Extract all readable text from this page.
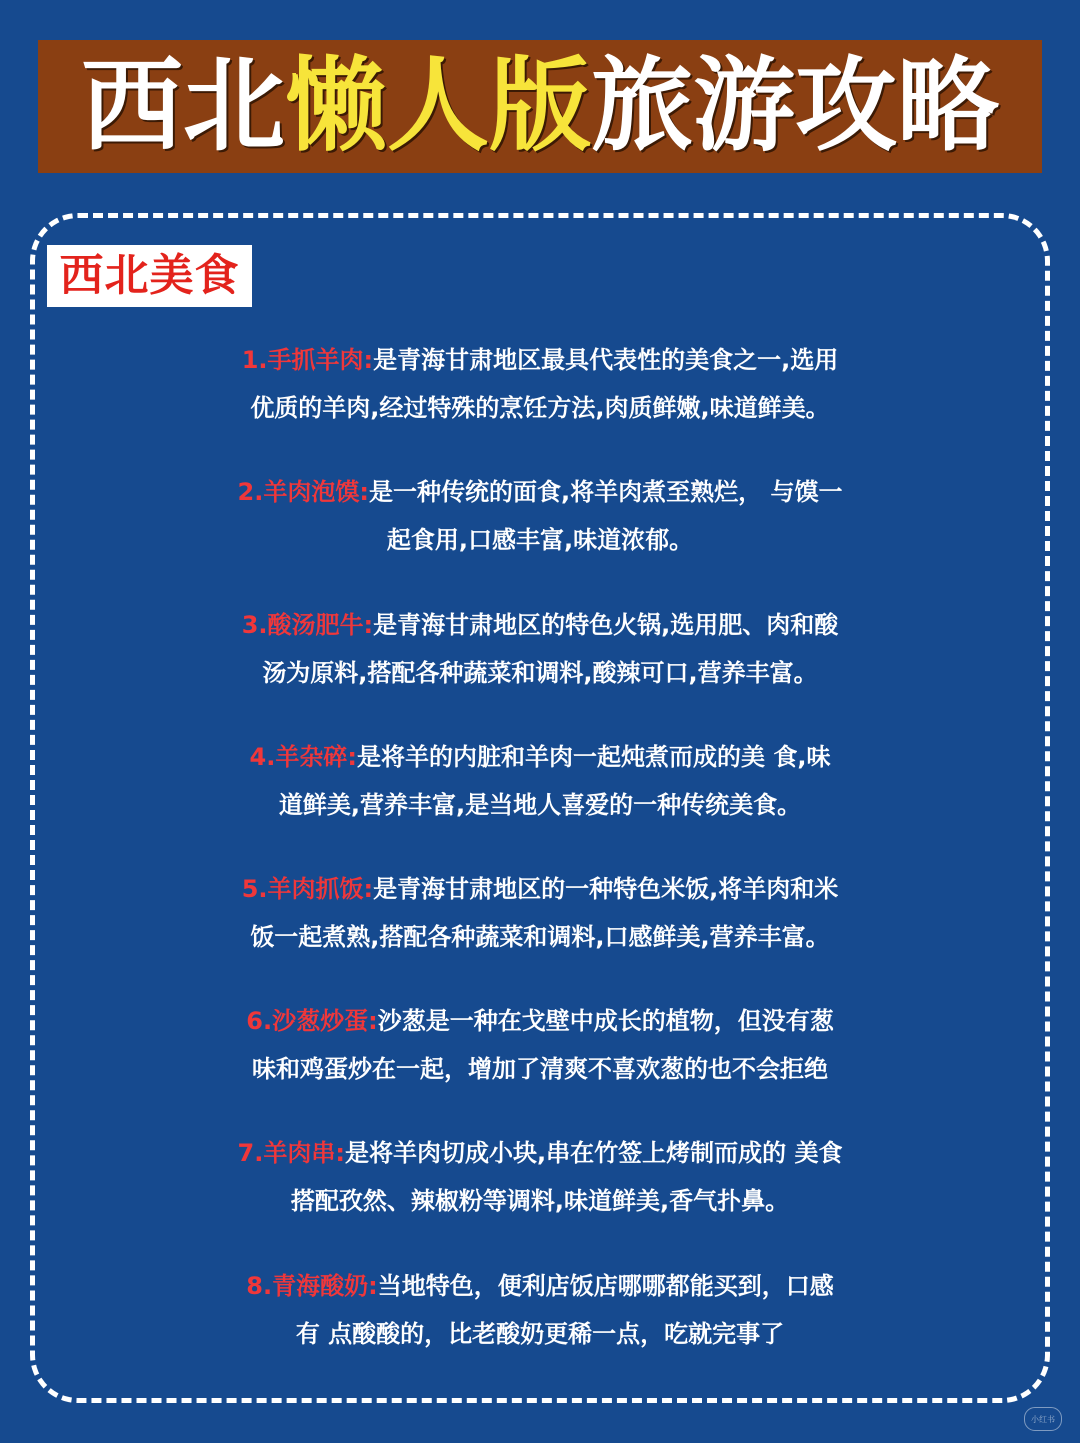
西北懒人版旅游攻略
西北美食
1.手抓羊肉:是青海甘肃地区最具代表性的美食之一,选用
优质的羊肉,经过特殊的烹饪方法,肉质鲜嫩,味道鲜美。
2.羊肉泡馍:是一种传统的面食,将羊肉煮至熟烂， 与馍一
起食用,口感丰富,味道浓郁。
3.酸汤肥牛:是青海甘肃地区的特色火锅,选用肥、肉和酸
汤为原料,搭配各种蔬菜和调料,酸辣可口,营养丰富。
4.羊杂碎:是将羊的内脏和羊肉一起炖煮而成的美 食,味
道鲜美,营养丰富,是当地人喜爱的一种传统美食。
5.羊肉抓饭:是青海甘肃地区的一种特色米饭,将羊肉和米
饭一起煮熟,搭配各种蔬菜和调料,口感鲜美,营养丰富。
6.沙葱炒蛋:沙葱是一种在戈壁中成长的植物，但没有葱
味和鸡蛋炒在一起，增加了清爽不喜欢葱的也不会拒绝
7.羊肉串:是将羊肉切成小块,串在竹签上烤制而成的 美食
搭配孜然、辣椒粉等调料,味道鲜美,香气扑鼻。
8.青海酸奶:当地特色，便利店饭店哪哪都能买到，口感
有 点酸酸的，比老酸奶更稀一点，吃就完事了
小红书
